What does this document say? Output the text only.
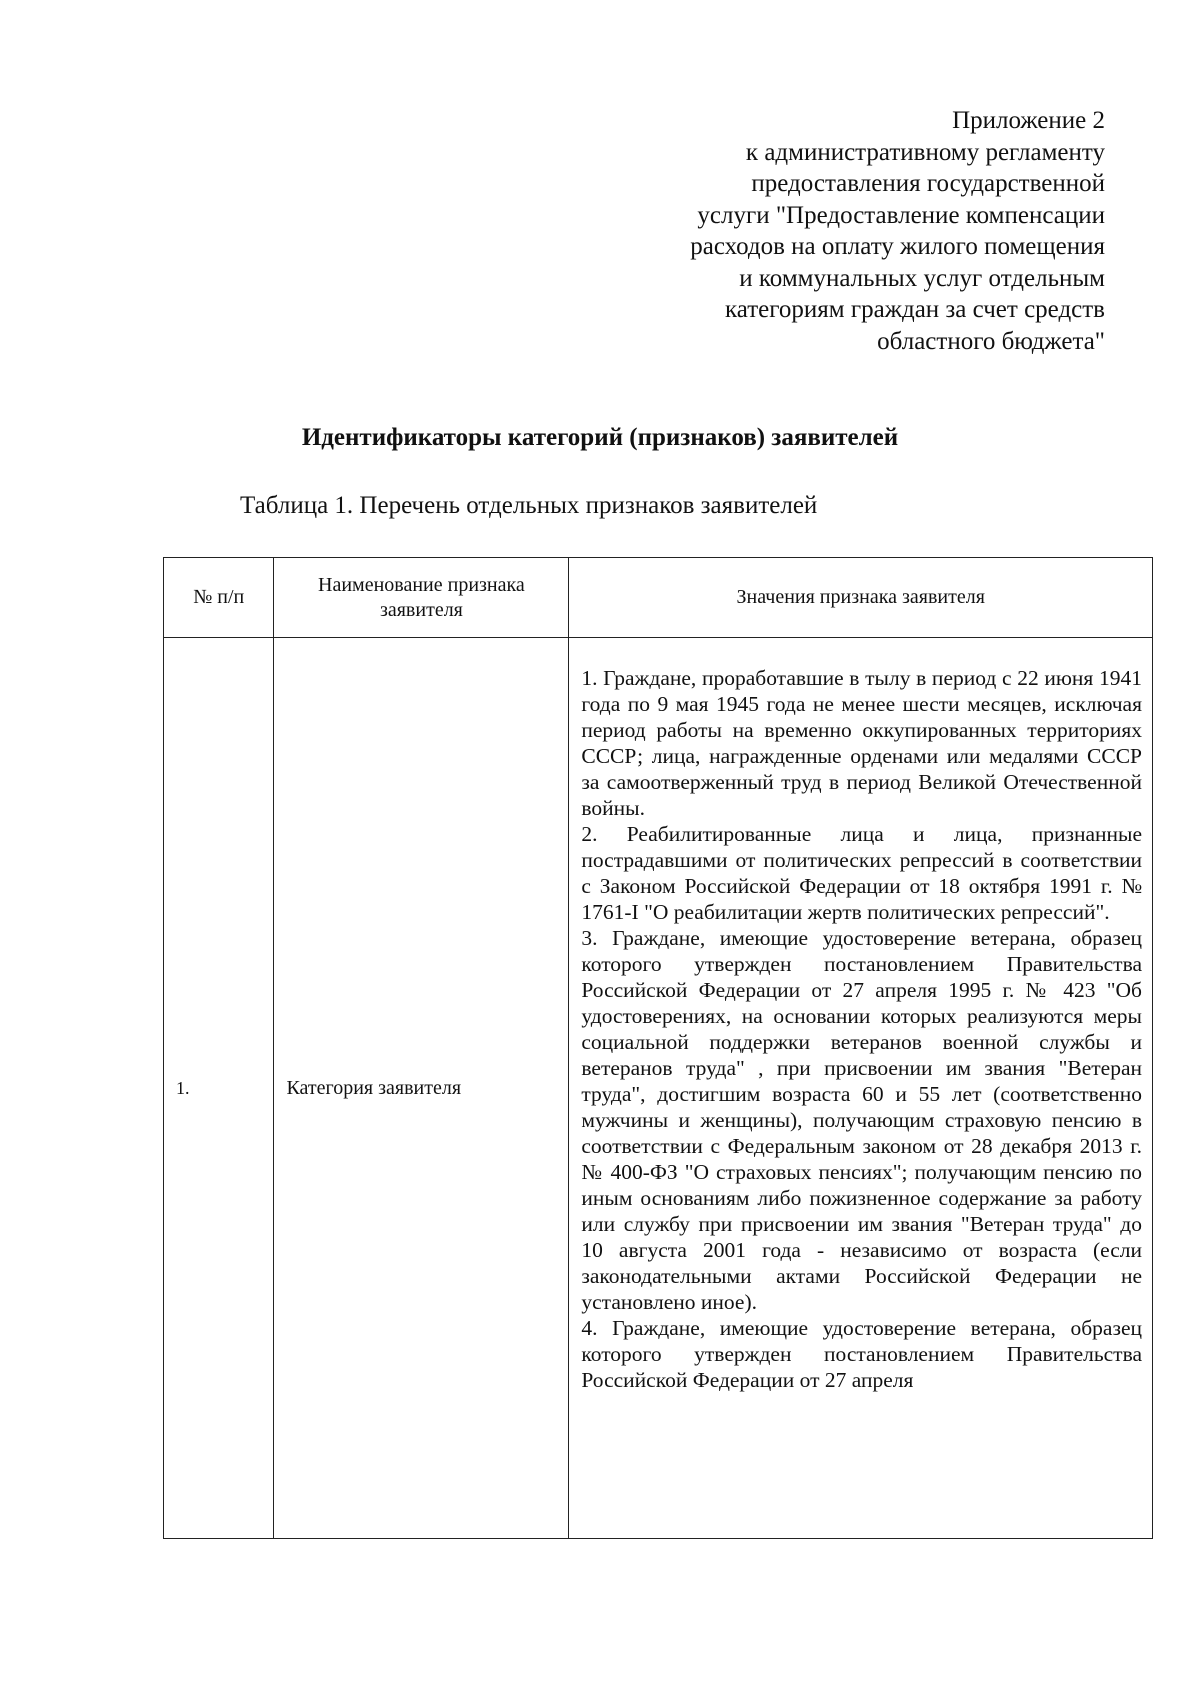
Приложение 2
к административному регламенту
предоставления государственной
услуги "Предоставление компенсации
расходов на оплату жилого помещения
и коммунальных услуг отдельным
категориям граждан за счет средств
областного бюджета"
Идентификаторы категорий (признаков) заявителей
Таблица 1. Перечень отдельных признаков заявителей
№ п/п	Наименование признака заявителя	Значения признака заявителя
1.	Категория заявителя	1. Граждане, проработавшие в тылу в период с 22 июня 1941 года по 9 мая 1945 года не менее шести месяцев, исключая период работы на временно оккупированных территориях СССР; лица, награжденные орденами или медалями СССР за самоотверженный труд в период Великой Отечественной войны.
2. Реабилитированные лица и лица, признанные пострадавшими от политических репрессий в соответствии с Законом Российской Федерации от 18 октября 1991 г. № 1761-I "О реабилитации жертв политических репрессий".
3. Граждане, имеющие удостоверение ветерана, образец которого утвержден постановлением Правительства Российской Федерации от 27 апреля 1995 г. № 423 "Об удостоверениях, на основании которых реализуются меры социальной поддержки ветеранов военной службы и ветеранов труда" , при присвоении им звания "Ветеран труда", достигшим возраста 60 и 55 лет (соответственно мужчины и женщины), получающим страховую пенсию в соответствии с Федеральным законом от 28 декабря 2013 г. № 400-ФЗ "О страховых пенсиях"; получающим пенсию по иным основаниям либо пожизненное содержание за работу или службу при присвоении им звания "Ветеран труда" до 10 августа 2001 года - независимо от возраста (если законодательными актами Российской Федерации не установлено иное).
4. Граждане, имеющие удостоверение ветерана, образец которого утвержден постановлением Правительства Российской Федерации от 27 апреля
